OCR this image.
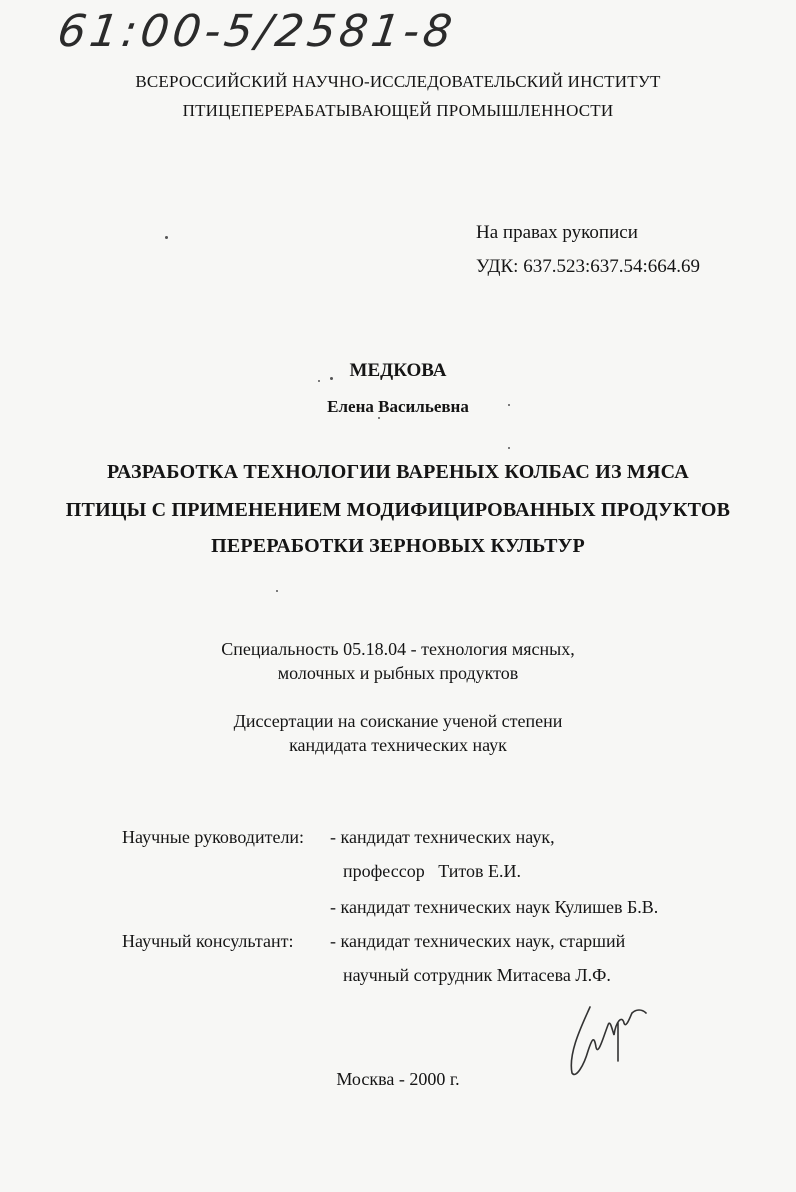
61:00-5/2581-8
ВСЕРОССИЙСКИЙ НАУЧНО-ИССЛЕДОВАТЕЛЬСКИЙ ИНСТИТУТ
ПТИЦЕПЕРЕРАБАТЫВАЮЩЕЙ ПРОМЫШЛЕННОСТИ
На правах рукописи
УДК: 637.523:637.54:664.69
МЕДКОВА
Елена Васильевна
РАЗРАБОТКА ТЕХНОЛОГИИ ВАРЕНЫХ КОЛБАС ИЗ МЯСА
ПТИЦЫ С ПРИМЕНЕНИЕМ МОДИФИЦИРОВАННЫХ ПРОДУКТОВ
ПЕРЕРАБОТКИ ЗЕРНОВЫХ КУЛЬТУР
Специальность 05.18.04 - технология мясных,
молочных и рыбных продуктов
Диссертации на соискание ученой степени
кандидата технических наук
Научные руководители: - кандидат технических наук,
профессор   Титов Е.И.
- кандидат технических наук Кулишев Б.В.
Научный консультант: - кандидат технических наук, старший
научный сотрудник Митасева Л.Ф.
Москва - 2000 г.
